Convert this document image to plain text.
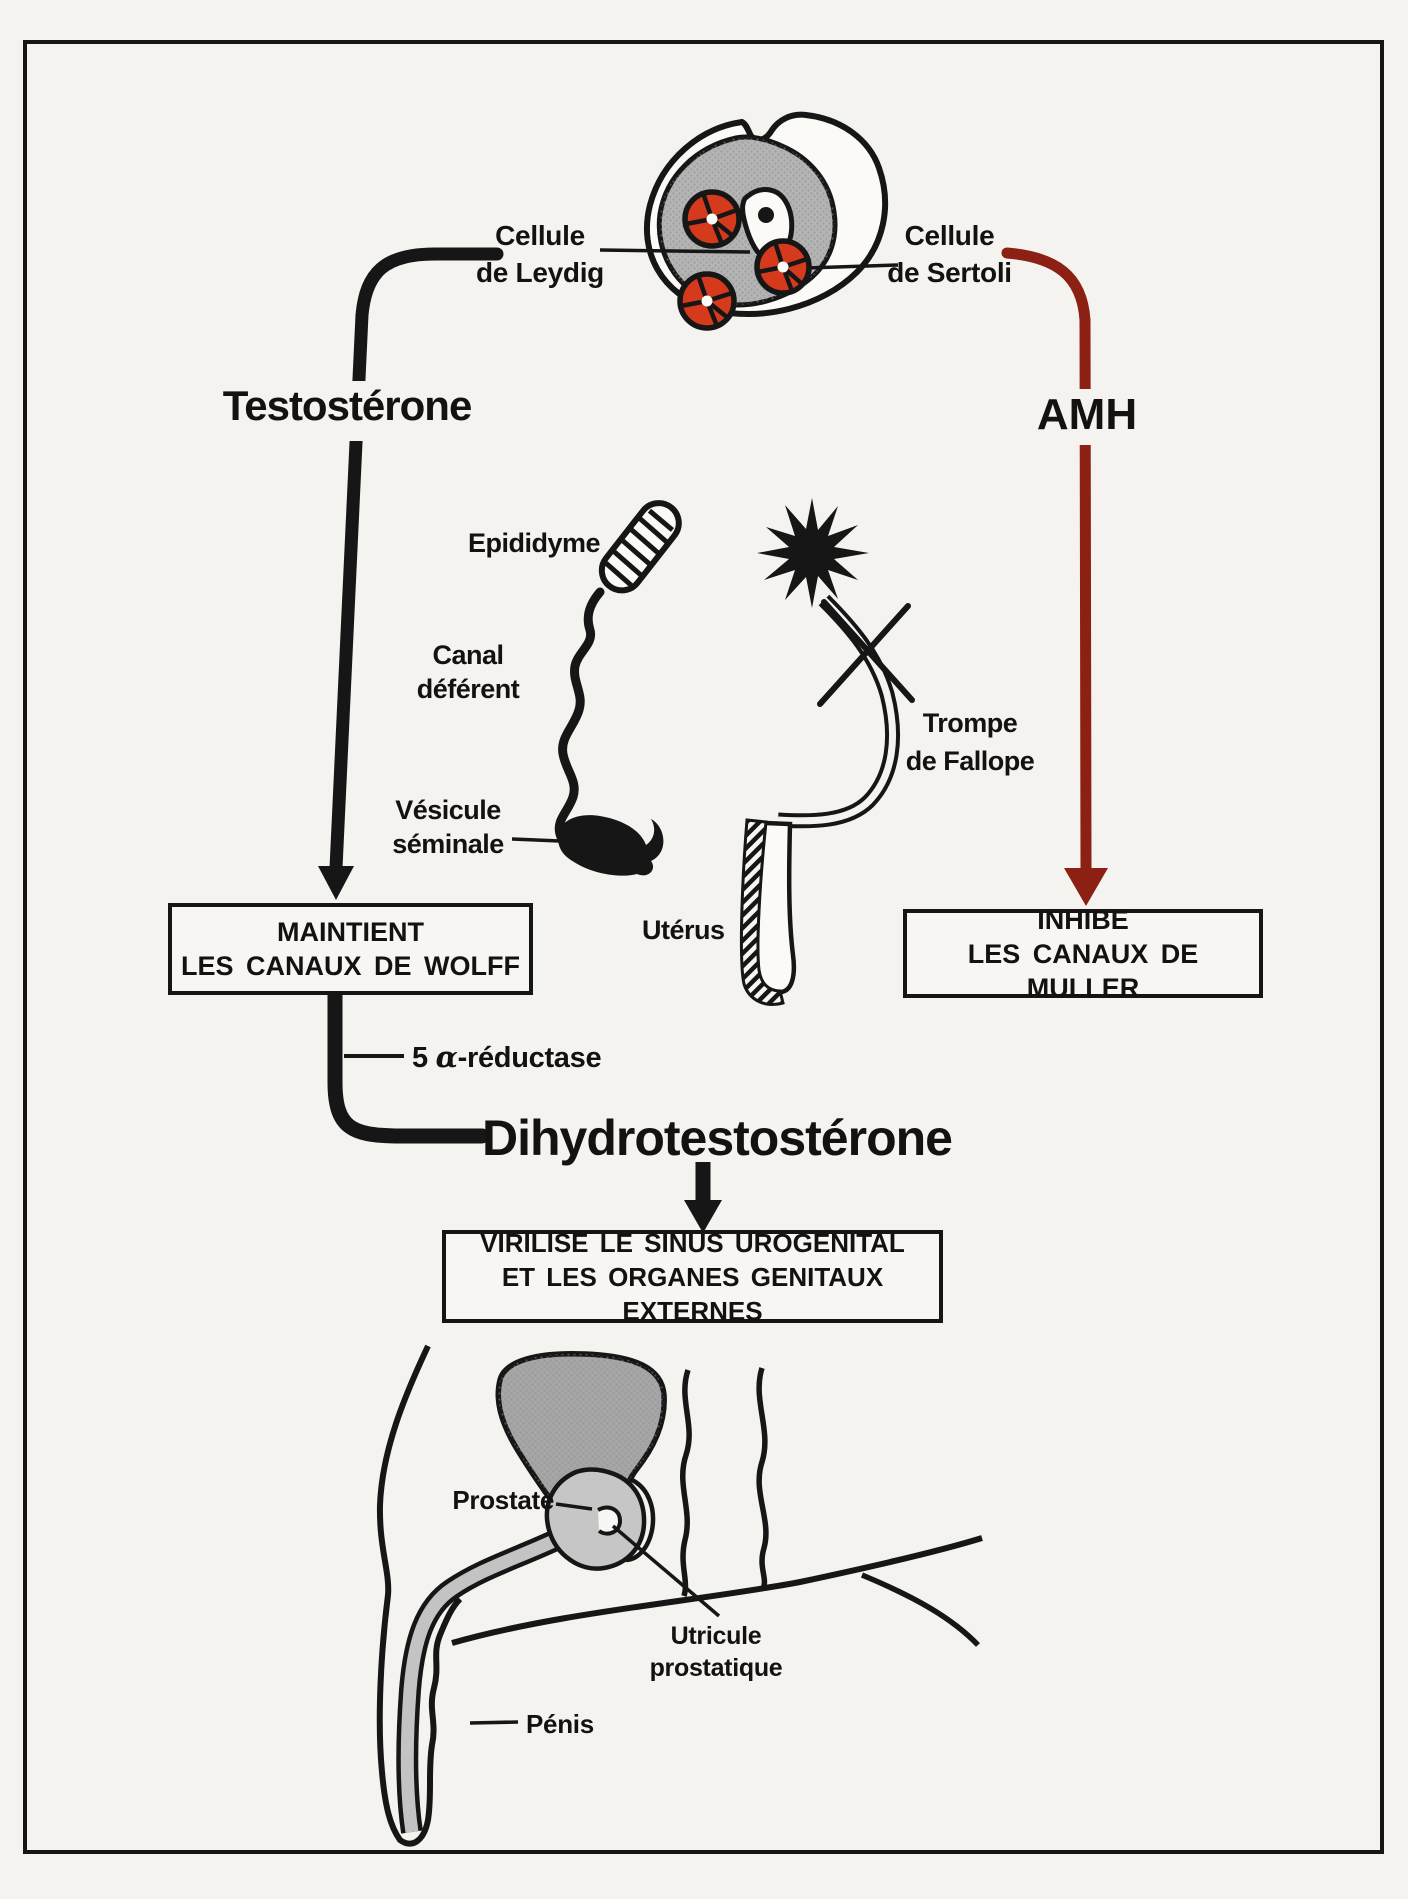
Cellule
de Leydig
Cellule
de Sertoli
Testostérone	AMH
Epididyme
Canal
déférent
Vésicule
séminale
Trompe
de Fallope
Utérus
MAINTIENT
LES CANAUX DE WOLFF
INHIBE
LES CANAUX DE MULLER
5 α-réductase
Dihydrotestostérone
VIRILISE LE SINUS UROGENITAL
ET LES ORGANES GENITAUX EXTERNES
Prostate
Utricule
prostatique
Pénis
